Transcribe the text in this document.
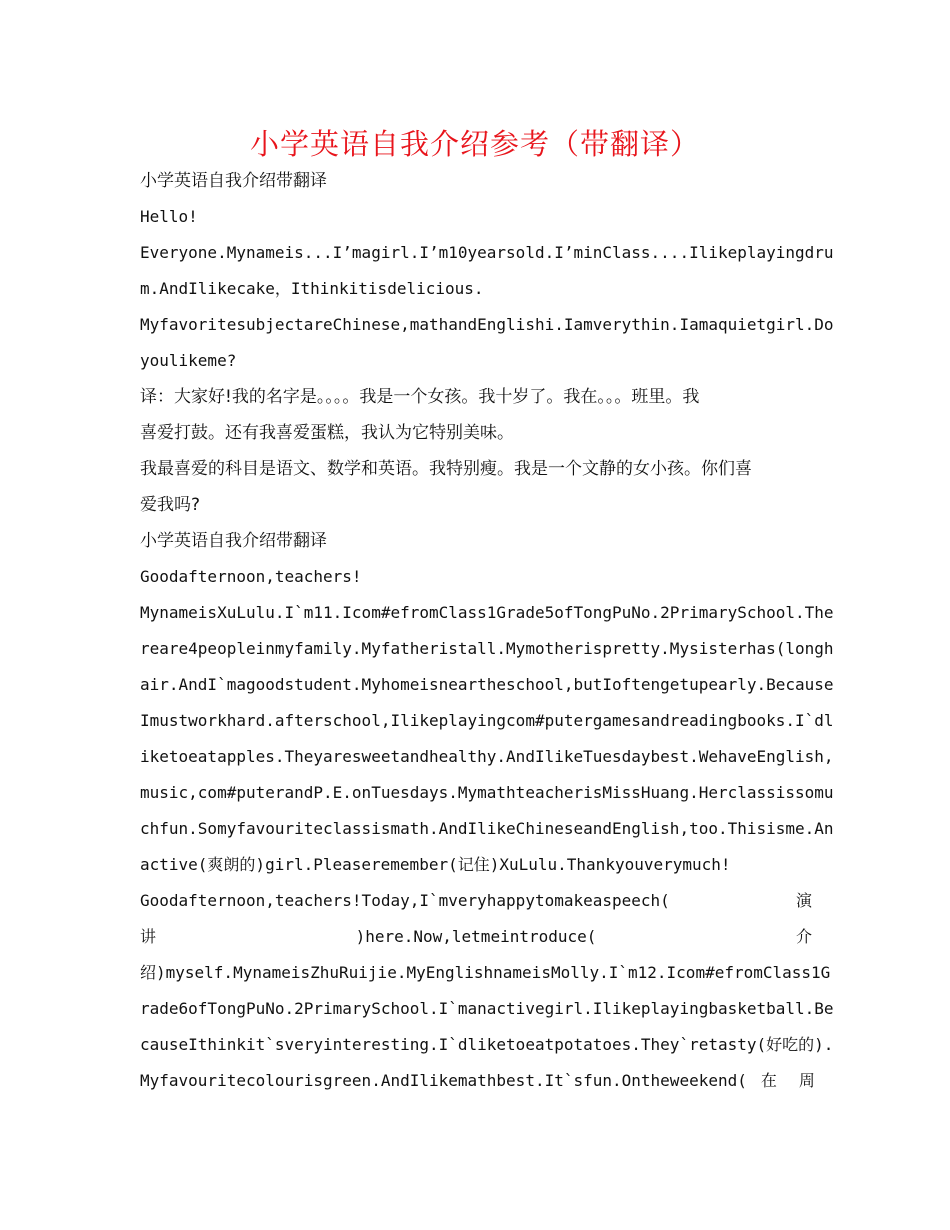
小学英语自我介绍参考（带翻译）
小学英语自我介绍带翻译
Hello!
Everyone.Mynameis...I’magirl.I’m10yearsold.I’minClass....Ilikeplayingdru
m.AndIlikecake，Ithinkitisdelicious.
MyfavoritesubjectareChinese,mathandEnglishi.Iamverythin.Iamaquietgirl.Do
youlikeme?
译：大家好!我的名字是。。。。我是一个女孩。我十岁了。我在。。。班里。我
喜爱打鼓。还有我喜爱蛋糕，我认为它特别美味。
我最喜爱的科目是语文、数学和英语。我特别瘦。我是一个文静的女小孩。你们喜
爱我吗?
小学英语自我介绍带翻译
Goodafternoon,teachers!
MynameisXuLulu.I`m11.Icom#efromClass1Grade5ofTongPuNo.2PrimarySchool.The
reare4peopleinmyfamily.Myfatheristall.Mymotherispretty.Mysisterhas(longh
air.AndI`magoodstudent.Myhomeisneartheschool,butIoftengetupearly.Because
Imustworkhard.afterschool,Ilikeplayingcom#putergamesandreadingbooks.I`dl
iketoeatapples.Theyaresweetandhealthy.AndIlikeTuesdaybest.WehaveEnglish,
music,com#puterandP.E.onTuesdays.MymathteacherisMissHuang.Herclassissomu
chfun.Somyfavouriteclassismath.AndIlikeChineseandEnglish,too.Thisisme.An
active(爽朗的)girl.Pleaseremember(记住)XuLulu.Thankyouverymuch!
Goodafternoon,teachers!Today,I`mveryhappytomakeaspeech(	演
讲	)here.Now,letmeintroduce(	介
绍)myself.MynameisZhuRuijie.MyEnglishnameisMolly.I`m12.Icom#efromClass1G
rade6ofTongPuNo.2PrimarySchool.I`manactivegirl.Ilikeplayingbasketball.Be
causeIthinkit`sveryinteresting.I`dliketoeatpotatoes.They`retasty(好吃的).
Myfavouritecolourisgreen.AndIlikemathbest.It`sfun.Ontheweekend( 在 周
